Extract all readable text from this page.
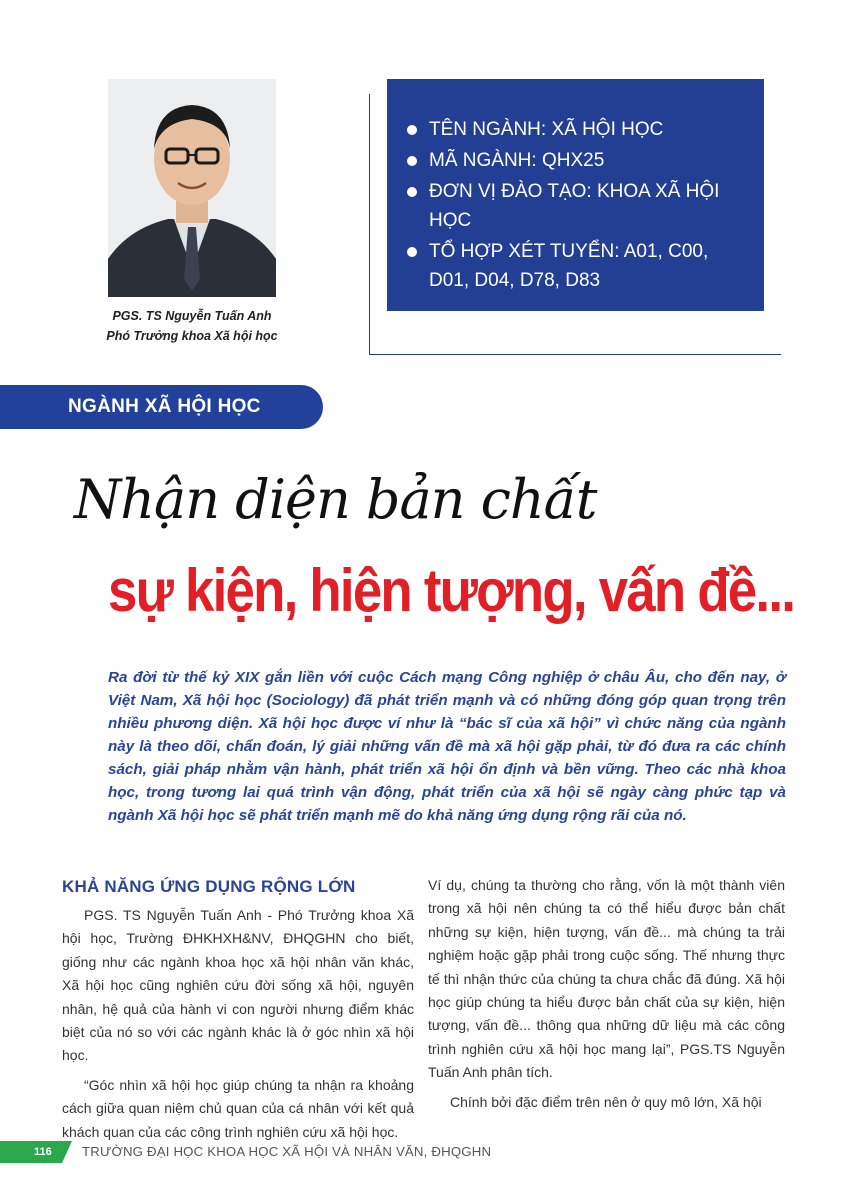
PGS. TS Nguyễn Tuấn Anh
Phó Trưởng khoa Xã hội học
TÊN NGÀNH: XÃ HỘI HỌC
MÃ NGÀNH: QHX25
ĐƠN VỊ ĐÀO TẠO: KHOA XÃ HỘI HỌC
TỔ HỢP XÉT TUYỂN: A01, C00, D01, D04, D78, D83
NGÀNH XÃ HỘI HỌC
Nhận diện bản chất
sự kiện, hiện tượng, vấn đề...
Ra đời từ thế kỷ XIX gắn liền với cuộc Cách mạng Công nghiệp ở châu Âu, cho đến nay, ở Việt Nam, Xã hội học (Sociology) đã phát triển mạnh và có những đóng góp quan trọng trên nhiều phương diện. Xã hội học được ví như là “bác sĩ của xã hội” vì chức năng của ngành này là theo dõi, chẩn đoán, lý giải những vấn đề mà xã hội gặp phải, từ đó đưa ra các chính sách, giải pháp nhằm vận hành, phát triển xã hội ổn định và bền vững. Theo các nhà khoa học, trong tương lai quá trình vận động, phát triển của xã hội sẽ ngày càng phức tạp và ngành Xã hội học sẽ phát triển mạnh mẽ do khả năng ứng dụng rộng rãi của nó.
KHẢ NĂNG ỨNG DỤNG RỘNG LỚN

PGS. TS Nguyễn Tuấn Anh - Phó Trưởng khoa Xã hội học, Trường ĐHKHXH&NV, ĐHQGHN cho biết, giống như các ngành khoa học xã hội nhân văn khác, Xã hội học cũng nghiên cứu đời sống xã hội, nguyên nhân, hệ quả của hành vi con người nhưng điểm khác biệt của nó so với các ngành khác là ở góc nhìn xã hội học.

“Góc nhìn xã hội học giúp chúng ta nhận ra khoảng cách giữa quan niệm chủ quan của cá nhân với kết quả khách quan của các công trình nghiên cứu xã hội học.

Ví dụ, chúng ta thường cho rằng, vốn là một thành viên trong xã hội nên chúng ta có thể hiểu được bản chất những sự kiện, hiện tượng, vấn đề... mà chúng ta trải nghiệm hoặc gặp phải trong cuộc sống. Thế nhưng thực tế thì nhận thức của chúng ta chưa chắc đã đúng. Xã hội học giúp chúng ta hiểu được bản chất của sự kiện, hiện tượng, vấn đề... thông qua những dữ liệu mà các công trình nghiên cứu xã hội học mang lại”, PGS.TS Nguyễn Tuấn Anh phân tích.

Chính bởi đặc điểm trên nên ở quy mô lớn, Xã hội

116 TRƯỜNG ĐẠI HỌC KHOA HỌC XÃ HỘI VÀ NHÂN VĂN, ĐHQGHN
